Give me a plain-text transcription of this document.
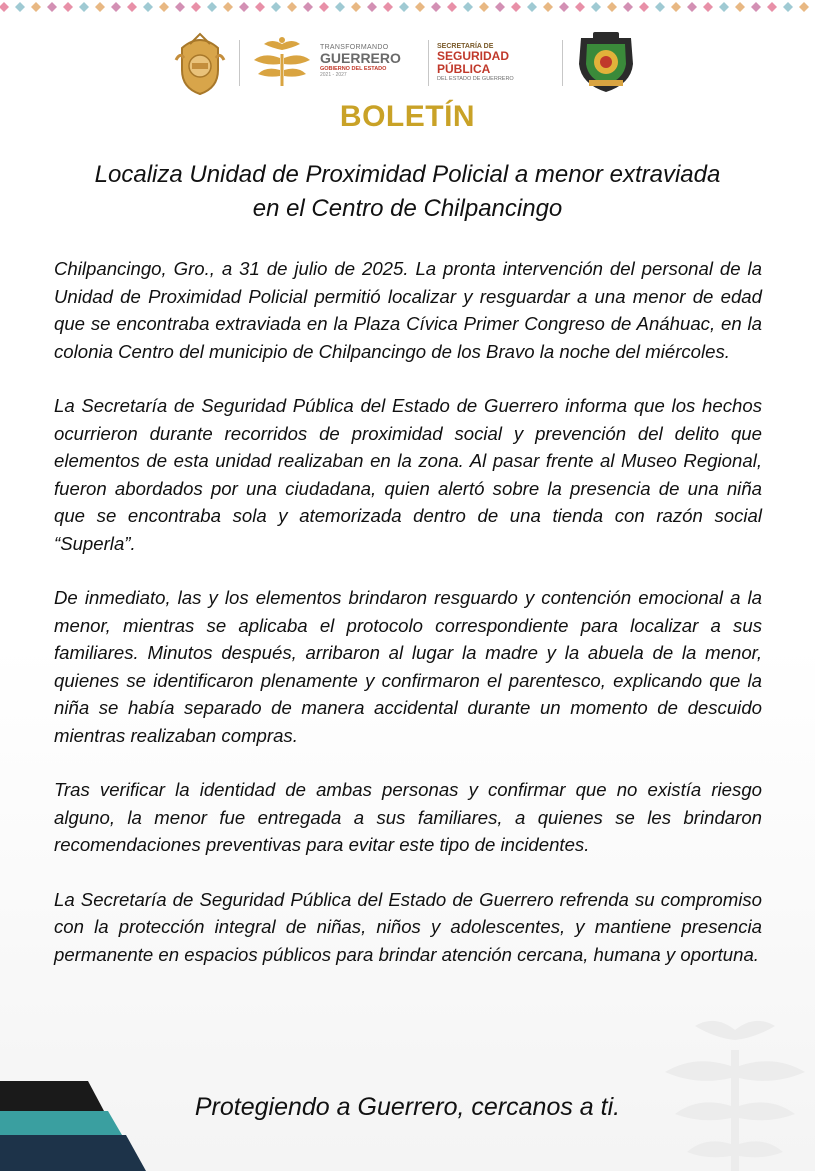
TRANSFORMANDO
GUERRERO
GOBIERNO DEL ESTADO
2021 - 2027
SECRETARÍA DE
SEGURIDAD
PÚBLICA
DEL ESTADO DE GUERRERO
BOLETÍN
Localiza Unidad de Proximidad Policial a menor extraviada
en el Centro de Chilpancingo

Chilpancingo, Gro., a 31 de julio de 2025. La pronta intervención del personal de la Unidad de Proximidad Policial permitió localizar y resguardar a una menor de edad que se encontraba extraviada en la Plaza Cívica Primer Congreso de Anáhuac, en la colonia Centro del municipio de Chilpancingo de los Bravo la noche del miércoles.

La Secretaría de Seguridad Pública del Estado de Guerrero informa que los hechos ocurrieron durante recorridos de proximidad social y prevención del delito que elementos de esta unidad realizaban en la zona. Al pasar frente al Museo Regional, fueron abordados por una ciudadana, quien alertó sobre la presencia de una niña que se encontraba sola y atemorizada dentro de una tienda con razón social “Superla”.

De inmediato, las y los elementos brindaron resguardo y contención emocional a la menor, mientras se aplicaba el protocolo correspondiente para localizar a sus familiares. Minutos después, arribaron al lugar la madre y la abuela de la menor, quienes se identificaron plenamente y confirmaron el parentesco, explicando que la niña se había separado de manera accidental durante un momento de descuido mientras realizaban compras.

Tras verificar la identidad de ambas personas y confirmar que no existía riesgo alguno, la menor fue entregada a sus familiares, a quienes se les brindaron recomendaciones preventivas para evitar este tipo de incidentes.

La Secretaría de Seguridad Pública del Estado de Guerrero refrenda su compromiso con la protección integral de niñas, niños y adolescentes, y mantiene presencia permanente en espacios públicos para brindar atención cercana, humana y oportuna.

Protegiendo a Guerrero, cercanos a ti.
